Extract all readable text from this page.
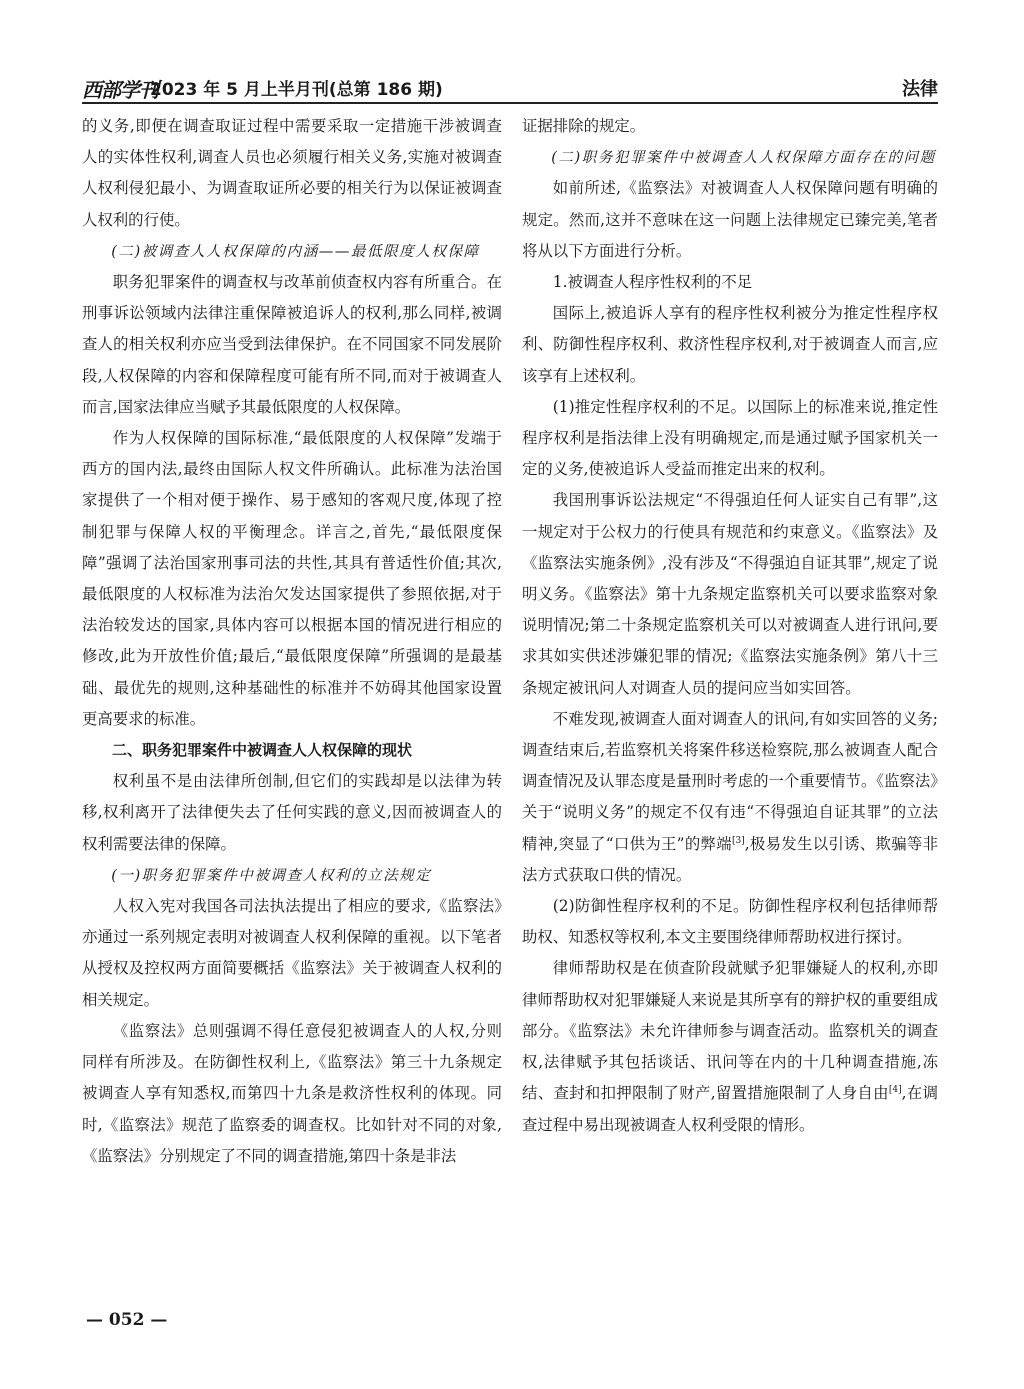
西部学刊
2023 年 5 月上半月刊(总第 186 期)	法律

的义务,即便在调查取证过程中需要采取一定措施干涉被调查人的实体性权利,调查人员也必须履行相关义务,实施对被调查人权利侵犯最小、为调查取证所必要的相关行为以保证被调查人权利的行使。

(二)被调查人人权保障的内涵——最低限度人权保障

职务犯罪案件的调查权与改革前侦查权内容有所重合。在刑事诉讼领域内法律注重保障被追诉人的权利,那么同样,被调查人的相关权利亦应当受到法律保护。在不同国家不同发展阶段,人权保障的内容和保障程度可能有所不同,而对于被调查人而言,国家法律应当赋予其最低限度的人权保障。

作为人权保障的国际标准,“最低限度的人权保障”发端于西方的国内法,最终由国际人权文件所确认。此标准为法治国家提供了一个相对便于操作、易于感知的客观尺度,体现了控制犯罪与保障人权的平衡理念。详言之,首先,“最低限度保障”强调了法治国家刑事司法的共性,其具有普适性价值;其次,最低限度的人权标准为法治欠发达国家提供了参照依据,对于法治较发达的国家,具体内容可以根据本国的情况进行相应的修改,此为开放性价值;最后,“最低限度保障”所强调的是最基础、最优先的规则,这种基础性的标准并不妨碍其他国家设置更高要求的标准。

二、职务犯罪案件中被调查人人权保障的现状

权利虽不是由法律所创制,但它们的实践却是以法律为转移,权利离开了法律便失去了任何实践的意义,因而被调查人的权利需要法律的保障。

(一)职务犯罪案件中被调查人权利的立法规定

人权入宪对我国各司法执法提出了相应的要求,《监察法》亦通过一系列规定表明对被调查人权利保障的重视。以下笔者从授权及控权两方面简要概括《监察法》关于被调查人权利的相关规定。

《监察法》总则强调不得任意侵犯被调查人的人权,分则同样有所涉及。在防御性权利上,《监察法》第三十九条规定被调查人享有知悉权,而第四十九条是救济性权利的体现。同时,《监察法》规范了监察委的调查权。比如针对不同的对象,《监察法》分别规定了不同的调查措施,第四十条是非法

证据排除的规定。

(二)职务犯罪案件中被调查人人权保障方面存在的问题

如前所述,《监察法》对被调查人人权保障问题有明确的规定。然而,这并不意味在这一问题上法律规定已臻完美,笔者将从以下方面进行分析。

1.被调查人程序性权利的不足

国际上,被追诉人享有的程序性权利被分为推定性程序权利、防御性程序权利、救济性程序权利,对于被调查人而言,应该享有上述权利。

(1)推定性程序权利的不足。以国际上的标准来说,推定性程序权利是指法律上没有明确规定,而是通过赋予国家机关一定的义务,使被追诉人受益而推定出来的权利。

我国刑事诉讼法规定“不得强迫任何人证实自己有罪”,这一规定对于公权力的行使具有规范和约束意义。《监察法》及《监察法实施条例》,没有涉及“不得强迫自证其罪”,规定了说明义务。《监察法》第十九条规定监察机关可以要求监察对象说明情况;第二十条规定监察机关可以对被调查人进行讯问,要求其如实供述涉嫌犯罪的情况;《监察法实施条例》第八十三条规定被讯问人对调查人员的提问应当如实回答。

不难发现,被调查人面对调查人的讯问,有如实回答的义务;调查结束后,若监察机关将案件移送检察院,那么被调查人配合调查情况及认罪态度是量刑时考虑的一个重要情节。《监察法》关于“说明义务”的规定不仅有违“不得强迫自证其罪”的立法精神,突显了“口供为王”的弊端[3],极易发生以引诱、欺骗等非法方式获取口供的情况。

(2)防御性程序权利的不足。防御性程序权利包括律师帮助权、知悉权等权利,本文主要围绕律师帮助权进行探讨。

律师帮助权是在侦查阶段就赋予犯罪嫌疑人的权利,亦即律师帮助权对犯罪嫌疑人来说是其所享有的辩护权的重要组成部分。《监察法》未允许律师参与调查活动。监察机关的调查权,法律赋予其包括谈话、讯问等在内的十几种调查措施,冻结、查封和扣押限制了财产,留置措施限制了人身自由[4],在调查过程中易出现被调查人权利受限的情形。

— 052 —
